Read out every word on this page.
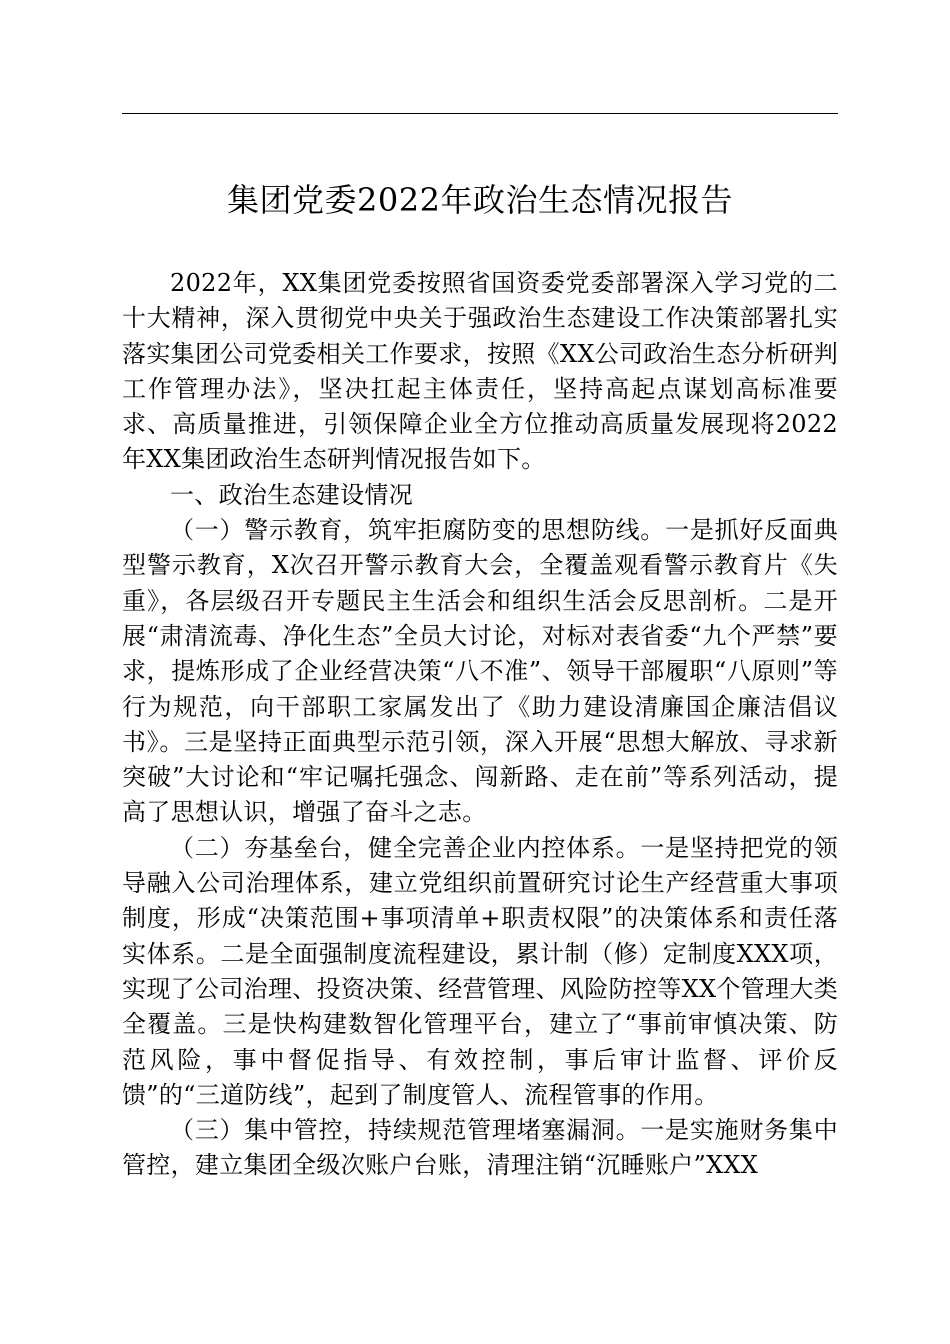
集团党委2022年政治生态情况报告

2022年，XX集团党委按照省国资委党委部署深入学习党的二十大精神，深入贯彻党中央关于强政治生态建设工作决策部署扎实落实集团公司党委相关工作要求，按照《XX公司政治生态分析研判工作管理办法》，坚决扛起主体责任，坚持高起点谋划高标准要求、高质量推进，引领保障企业全方位推动高质量发展现将2022年XX集团政治生态研判情况报告如下。

一、政治生态建设情况

（一）警示教育，筑牢拒腐防变的思想防线。一是抓好反面典型警示教育，X次召开警示教育大会，全覆盖观看警示教育片《失重》，各层级召开专题民主生活会和组织生活会反思剖析。二是开展“肃清流毒、净化生态”全员大讨论，对标对表省委“九个严禁”要求，提炼形成了企业经营决策“八不准”、领导干部履职“八原则”等行为规范，向干部职工家属发出了《助力建设清廉国企廉洁倡议书》。三是坚持正面典型示范引领，深入开展“思想大解放、寻求新突破”大讨论和“牢记嘱托强念、闯新路、走在前”等系列活动，提高了思想认识，增强了奋斗之志。

（二）夯基垒台，健全完善企业内控体系。一是坚持把党的领导融入公司治理体系，建立党组织前置研究讨论生产经营重大事项制度，形成“决策范围+事项清单+职责权限”的决策体系和责任落实体系。二是全面强制度流程建设，累计制（修）定制度XXX项，实现了公司治理、投资决策、经营管理、风险防控等XX个管理大类全覆盖。三是快构建数智化管理平台，建立了“事前审慎决策、防范风险，事中督促指导、有效控制，事后审计监督、评价反馈”的“三道防线”，起到了制度管人、流程管事的作用。

（三）集中管控，持续规范管理堵塞漏洞。一是实施财务集中管控，建立集团全级次账户台账，清理注销“沉睡账户”XXX
